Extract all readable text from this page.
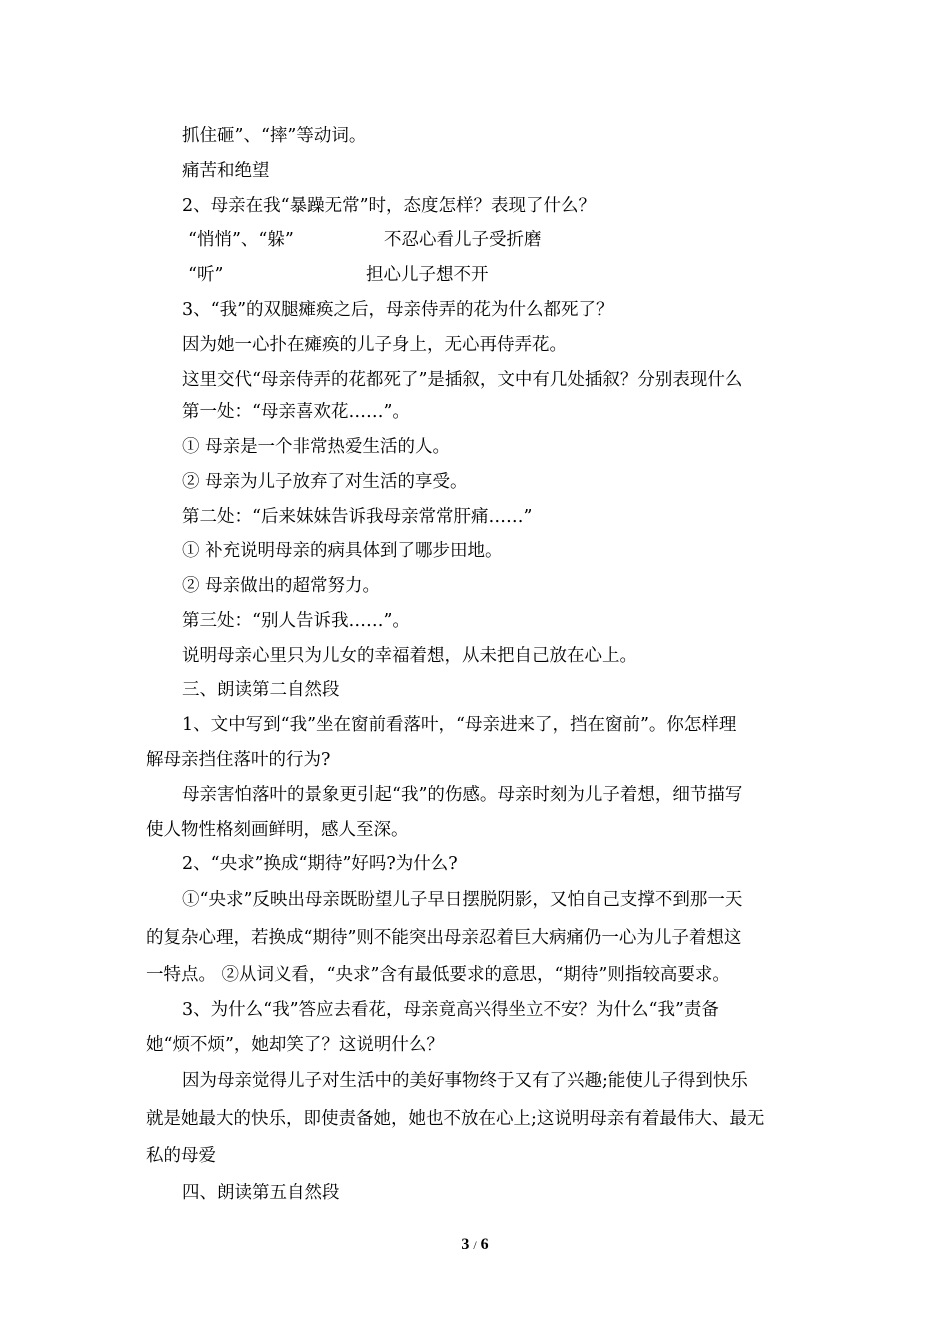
抓住砸”、“摔”等动词。
痛苦和绝望
2、母亲在我“暴躁无常”时，态度怎样？表现了什么？
“悄悄”、“躲”	不忍心看儿子受折磨
“听”	担心儿子想不开
3、“我”的双腿瘫痪之后，母亲侍弄的花为什么都死了？
因为她一心扑在瘫痪的儿子身上，无心再侍弄花。
这里交代“母亲侍弄的花都死了”是插叙，文中有几处插叙？分别表现什么
第一处：“母亲喜欢花……”。
① 母亲是一个非常热爱生活的人。
② 母亲为儿子放弃了对生活的享受。
第二处：“后来妹妹告诉我母亲常常肝痛……”
① 补充说明母亲的病具体到了哪步田地。
② 母亲做出的超常努力。
第三处：“别人告诉我……”。
说明母亲心里只为儿女的幸福着想，从未把自己放在心上。
三、朗读第二自然段
1、文中写到“我”坐在窗前看落叶，“母亲进来了，挡在窗前”。你怎样理
解母亲挡住落叶的行为?
母亲害怕落叶的景象更引起“我”的伤感。母亲时刻为儿子着想，细节描写
使人物性格刻画鲜明，感人至深。
2、“央求”换成“期待”好吗?为什么?
①“央求”反映出母亲既盼望儿子早日摆脱阴影，又怕自己支撑不到那一天
的复杂心理，若换成“期待”则不能突出母亲忍着巨大病痛仍一心为儿子着想这
一特点。 ②从词义看，“央求”含有最低要求的意思，“期待”则指较高要求。
3、为什么“我”答应去看花，母亲竟高兴得坐立不安？为什么“我”责备
她“烦不烦”，她却笑了？这说明什么？
因为母亲觉得儿子对生活中的美好事物终于又有了兴趣;能使儿子得到快乐
就是她最大的快乐，即使责备她，她也不放在心上;这说明母亲有着最伟大、最无
私的母爱
四、朗读第五自然段
3 / 6
